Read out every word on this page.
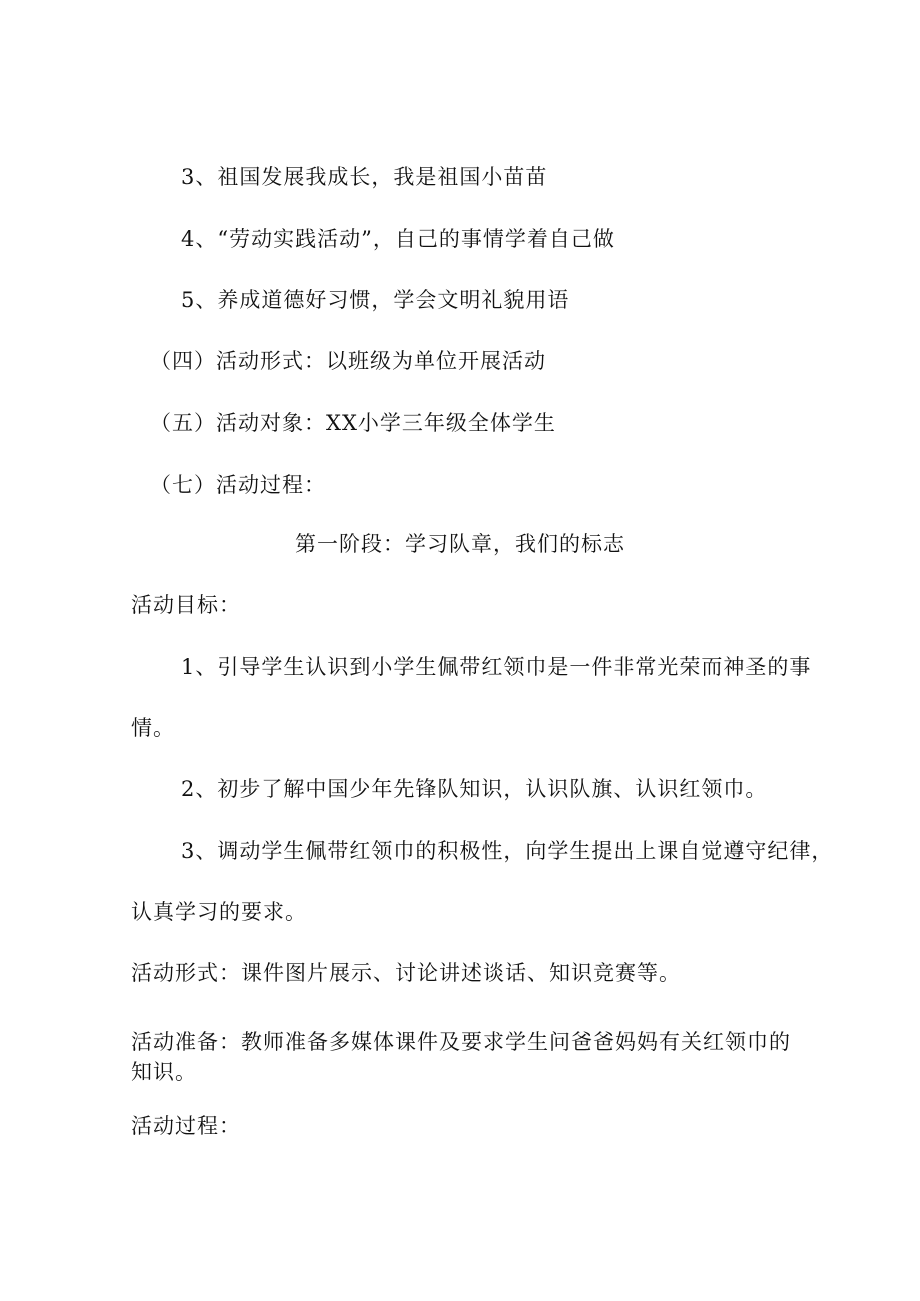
3、祖国发展我成长，我是祖国小苗苗

4、“劳动实践活动”，自己的事情学着自己做

5、养成道德好习惯，学会文明礼貌用语

（四）活动形式：以班级为单位开展活动

（五）活动对象：XX小学三年级全体学生

（七）活动过程：

第一阶段：学习队章，我们的标志

活动目标：

1、引导学生认识到小学生佩带红领巾是一件非常光荣而神圣的事

情。

2、初步了解中国少年先锋队知识，认识队旗、认识红领巾。

3、调动学生佩带红领巾的积极性，向学生提出上课自觉遵守纪律，

认真学习的要求。

活动形式：课件图片展示、讨论讲述谈话、知识竞赛等。

活动准备：教师准备多媒体课件及要求学生问爸爸妈妈有关红领巾的

知识。

活动过程：
